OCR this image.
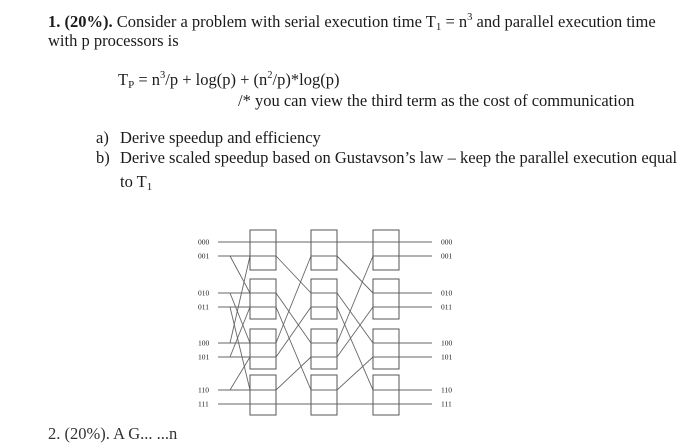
1. (20%). Consider a problem with serial execution time $T_1 = n^3$ and parallel execution time
with p processors is
$T_P = n^3/p + \log(p) + (n^2/p)*\log(p)$
/* you can view the third term as the cost of communication
a) Derive speedup and efficiency
b) Derive scaled speedup based on Gustavson’s law – keep the parallel execution equal
to $T_1$
000
001
010
011
100
101
110
111
000
001
010
011
100
101
110
111
2. (20%). A G... ...n
